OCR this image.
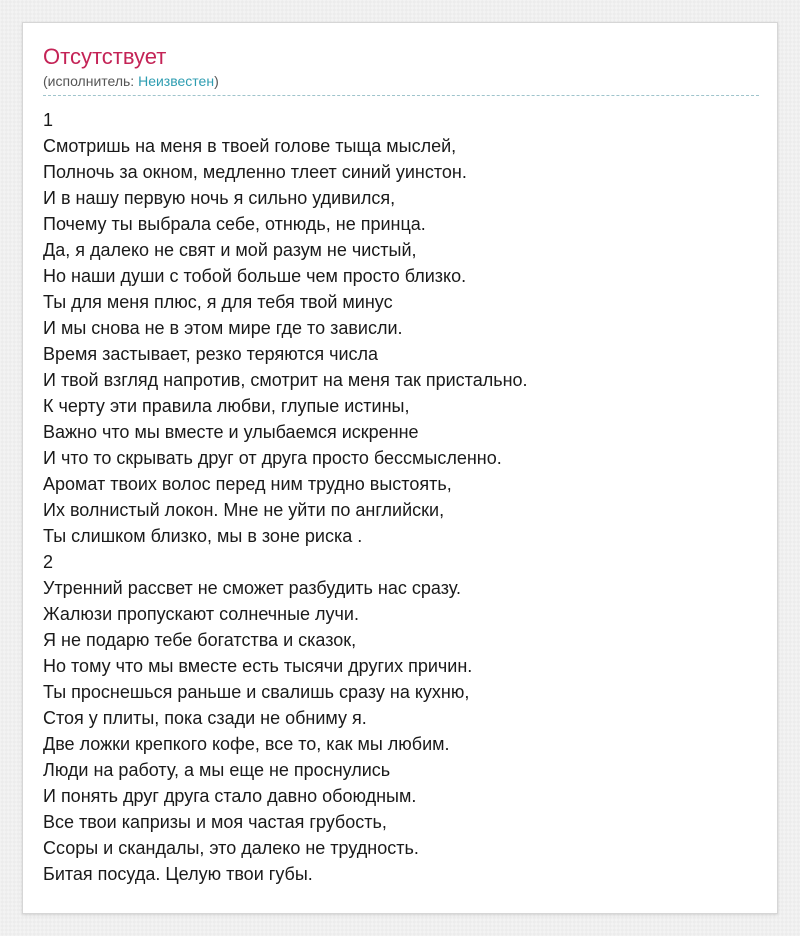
Отсутствует
(исполнитель: Неизвестен)
1
Смотришь на меня в твоей голове тыща мыслей,
Полночь за окном, медленно тлеет синий уинстон.
И в нашу первую ночь я сильно удивился,
Почему ты выбрала себе, отнюдь, не принца.
Да, я далеко не свят и мой разум не чистый,
Но наши души с тобой больше чем просто близко.
Ты для меня плюс, я для тебя твой минус
И мы снова не в этом мире где то зависли.
Время застывает, резко теряются числа
И твой взгляд напротив, смотрит на меня так пристально.
К черту эти правила любви, глупые истины,
Важно что мы вместе и улыбаемся искренне
И что то скрывать друг от друга просто бессмысленно.
Аромат твоих волос перед ним трудно выстоять,
Их волнистый локон. Мне не уйти по английски,
Ты слишком близко, мы в зоне риска .
2
Утренний рассвет не сможет разбудить нас сразу.
Жалюзи пропускают солнечные лучи.
Я не подарю тебе богатства и сказок,
Но тому что мы вместе есть тысячи других причин.
Ты проснешься раньше и свалишь сразу на кухню,
Стоя у плиты, пока сзади не обниму я.
Две ложки крепкого кофе, все то, как мы любим.
Люди на работу, а мы еще не проснулись
И понять друг друга стало давно обоюдным.
Все твои капризы и моя частая грубость,
Ссоры и скандалы, это далеко не трудность.
Битая посуда. Целую твои губы.
